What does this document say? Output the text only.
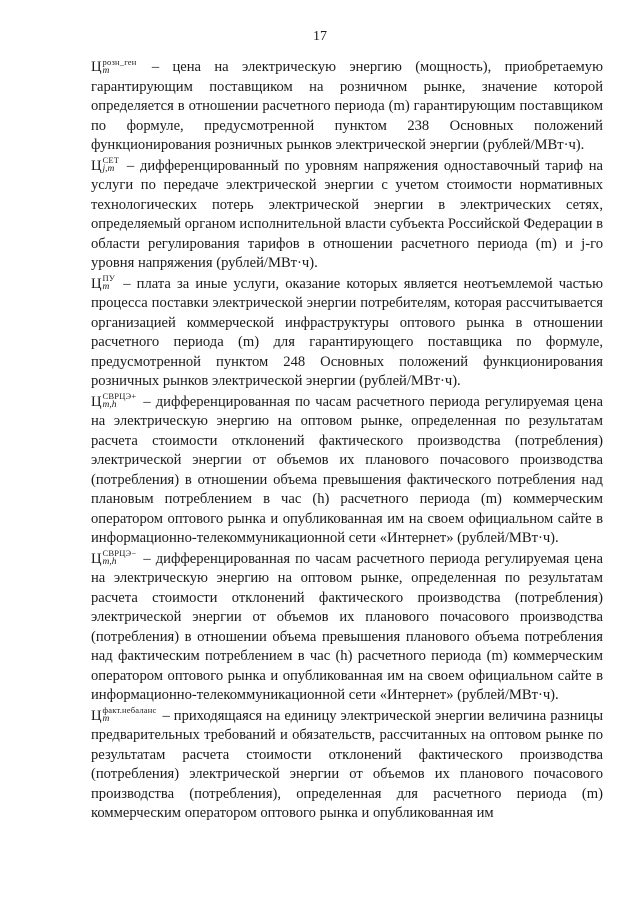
17

Ц розн_ген
m	– цена на электрическую энергию (мощность), приобретаемую гарантирующим поставщиком на розничном рынке, значение которой определяется в отношении расчетного периода (m) гарантирующим поставщиком по формуле, предусмотренной пунктом 238 Основных положений функционирования розничных рынков электрической энергии (рублей/МВт·ч).

Ц СЕТ
j,m – дифференцированный по уровням напряжения одноставочный тариф на услуги по передаче электрической энергии с учетом стоимости нормативных технологических потерь электрической энергии в электрических сетях, определяемый органом исполнительной власти субъекта Российской Федерации в области регулирования тарифов в отношении расчетного периода (m) и j-го уровня напряжения (рублей/МВт·ч).

Ц ПУ
m – плата за иные услуги, оказание которых является неотъемлемой частью процесса поставки электрической энергии потребителям, которая рассчитывается организацией коммерческой инфраструктуры оптового рынка в отношении расчетного периода (m) для гарантирующего поставщика по формуле, предусмотренной пунктом 248 Основных положений функционирования розничных рынков электрической энергии (рублей/МВт·ч).

Ц СВРЦЭ+
m,h	– дифференцированная по часам расчетного периода регулируемая цена на электрическую энергию на оптовом рынке, определенная по результатам расчета стоимости отклонений фактического производства (потребления) электрической энергии от объемов их планового почасового производства (потребления) в отношении объема превышения фактического потребления над плановым потреблением в час (h) расчетного периода (m) коммерческим оператором оптового рынка и опубликованная им на своем официальном сайте в информационно-телекоммуникационной сети «Интернет» (рублей/МВт·ч).

Ц СВРЦЭ−
m,h	– дифференцированная по часам расчетного периода регулируемая цена на электрическую энергию на оптовом рынке, определенная по результатам расчета стоимости отклонений фактического производства (потребления) электрической энергии от объемов их планового почасового производства (потребления) в отношении объема превышения планового объема потребления над фактическим потреблением в час (h) расчетного периода (m) коммерческим оператором оптового рынка и опубликованная им на своем официальном сайте в информационно-телекоммуникационной сети «Интернет» (рублей/МВт·ч).

Ц факт.небаланс
m	– приходящаяся на единицу электрической энергии величина разницы предварительных требований и обязательств, рассчитанных на оптовом рынке по результатам расчета стоимости отклонений фактического производства (потребления) электрической энергии от объемов их планового почасового производства (потребления), определенная для расчетного периода (m) коммерческим оператором оптового рынка и опубликованная им
